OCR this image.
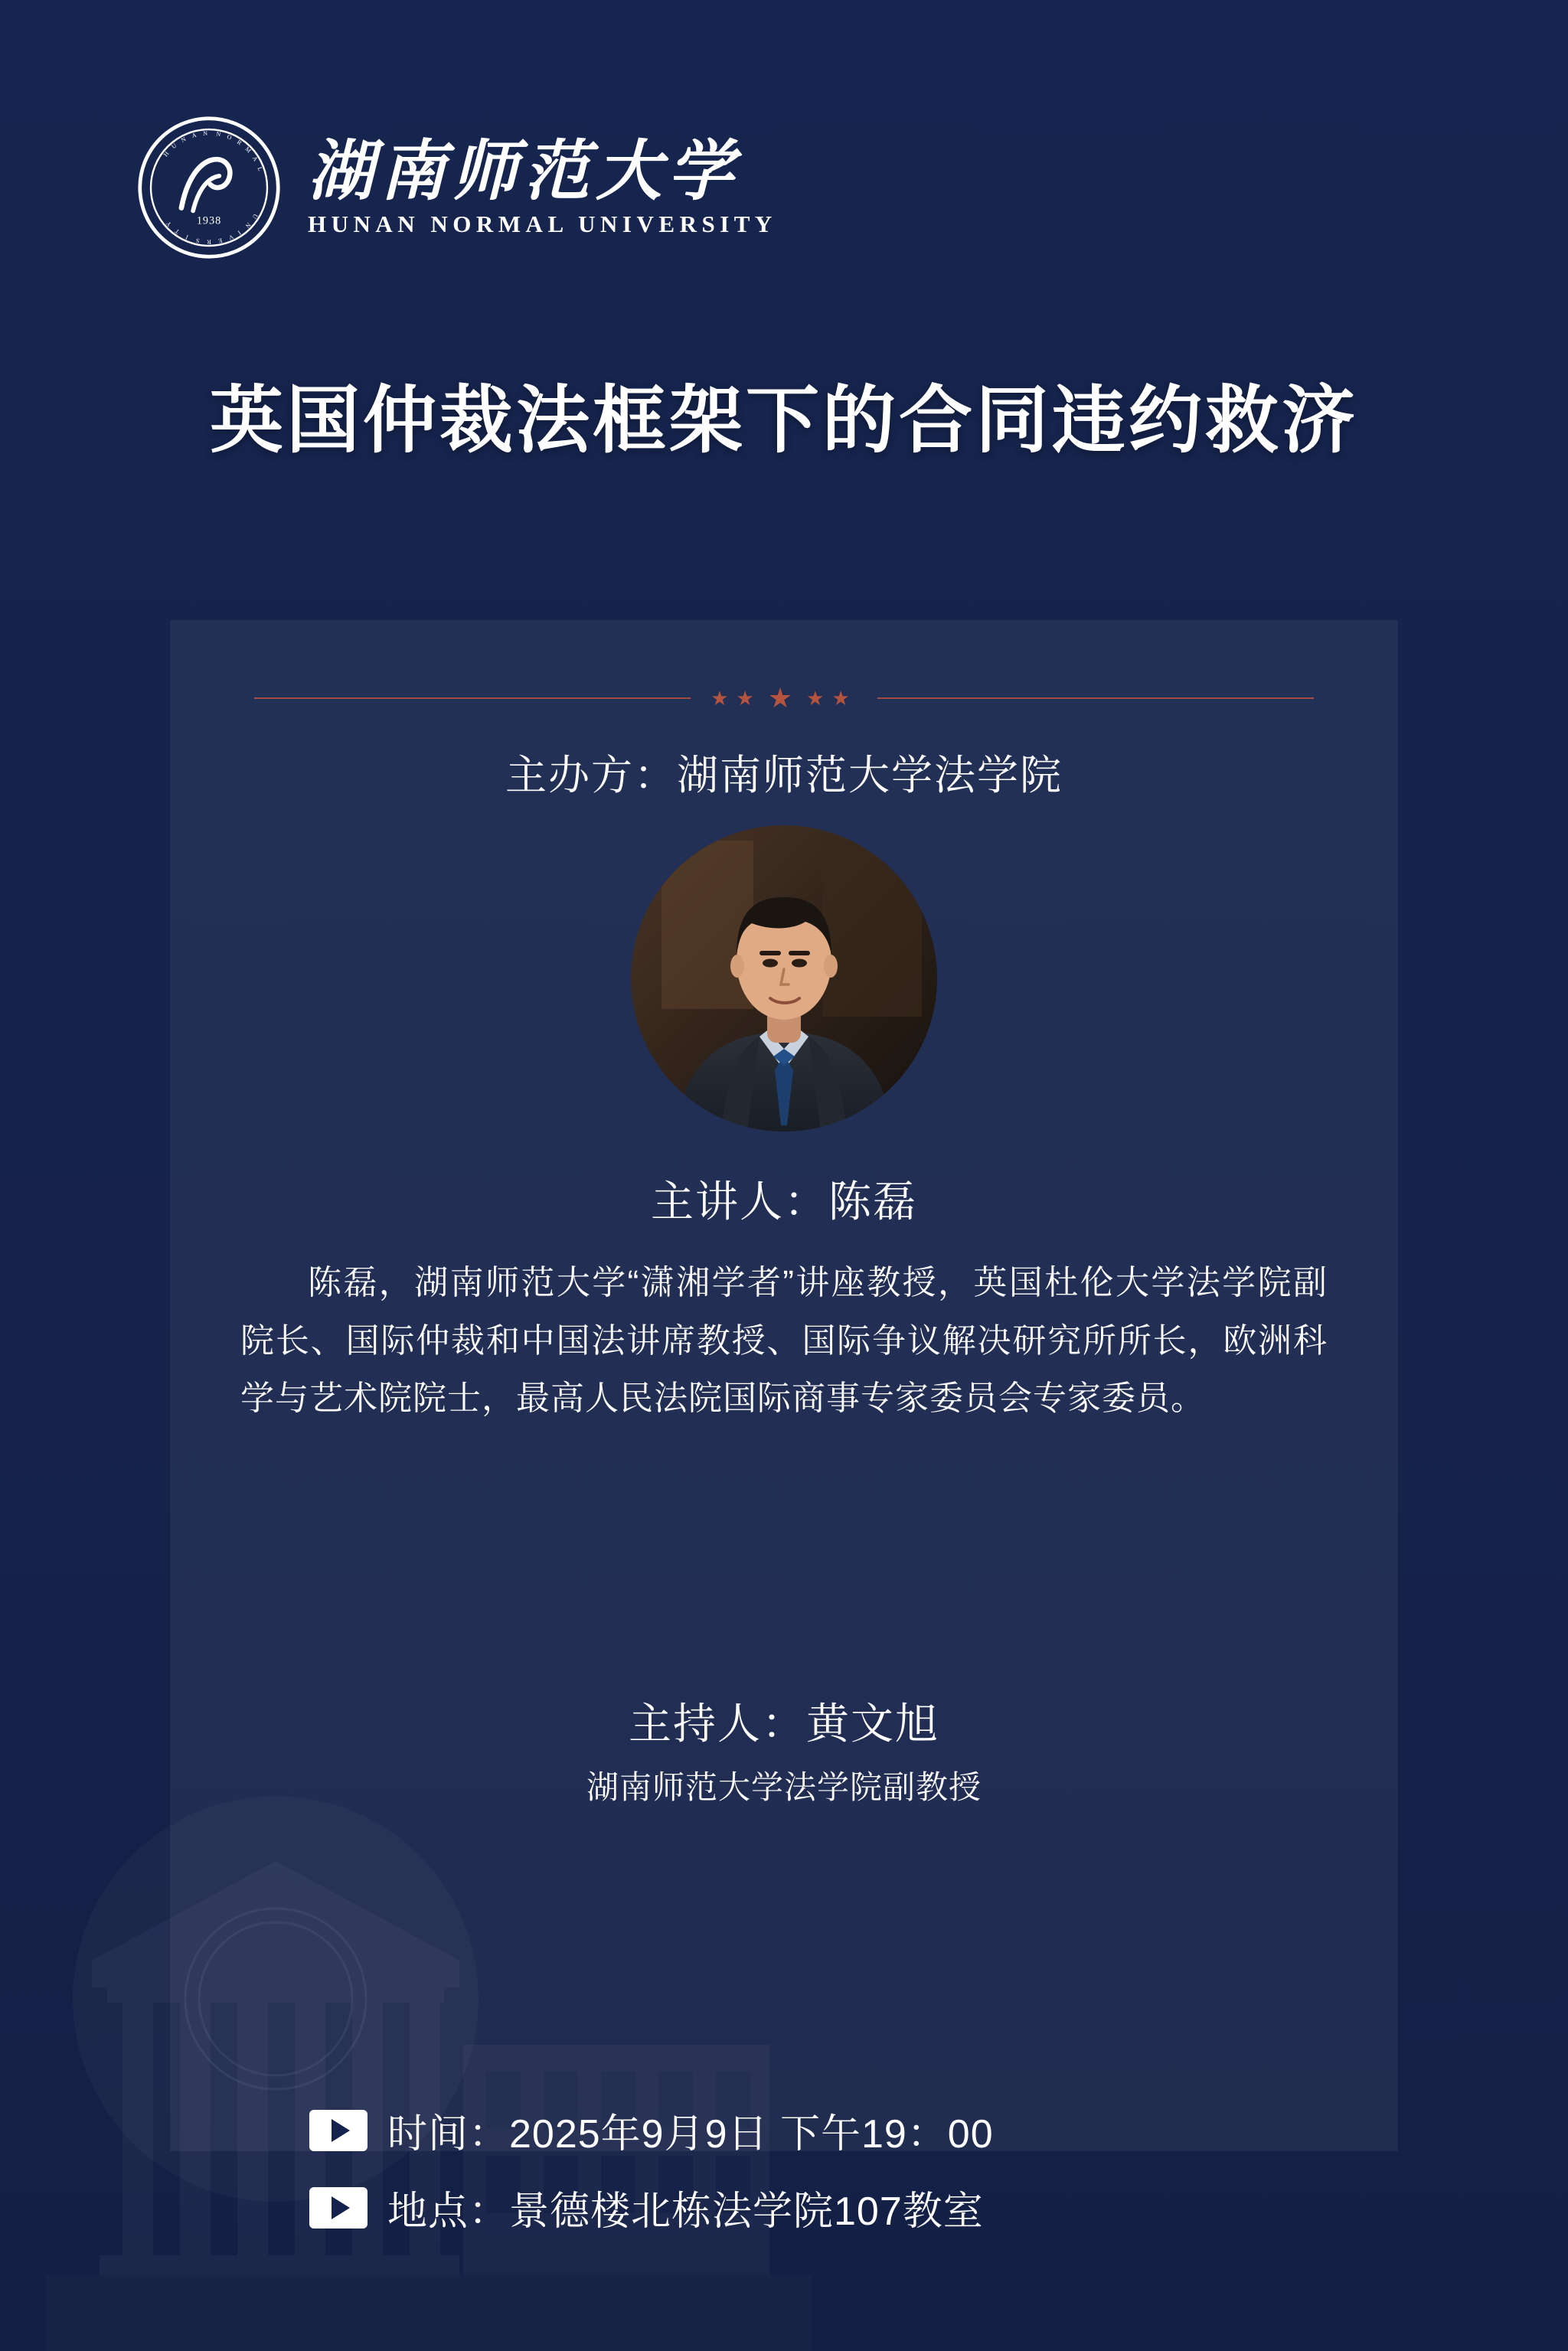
1938
H
U
N
A N N O
R
M
A
L
U
N
I
V
E
R
S
I
T
Y
湖南师范大学
HUNAN NORMAL UNIVERSITY
英国仲裁法框架下的合同违约救济
★★ ★ ★★
主办方：湖南师范大学法学院
主讲人：陈磊
陈磊，湖南师范大学“潇湘学者”讲座教授，英国杜伦大学法学院副院长、国际仲裁和中国法讲席教授、国际争议解决研究所所长，欧洲科学与艺术院院士，最高人民法院国际商事专家委员会专家委员。
主持人：黄文旭
湖南师范大学法学院副教授
时间：2025年9月9日 下午19：00
地点：景德楼北栋法学院107教室
